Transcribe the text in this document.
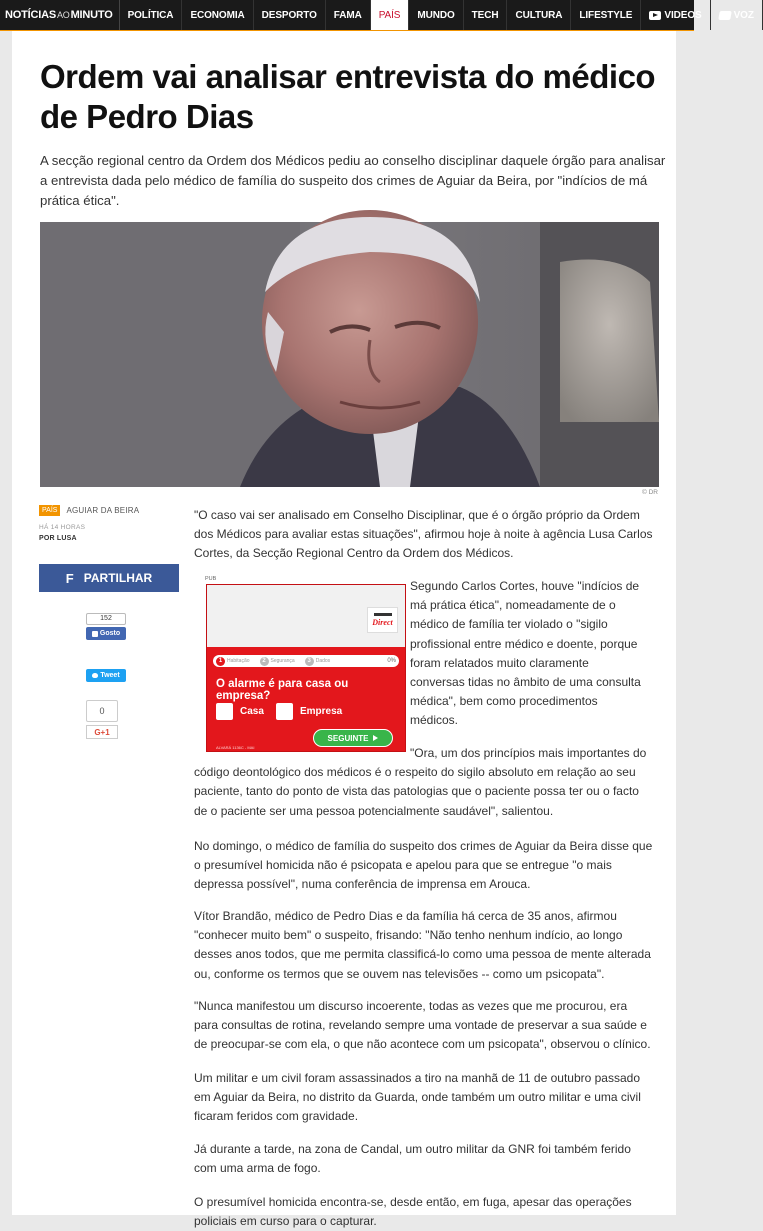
NOTÍCIAS AO MINUTO	POLÍTICA	ECONOMIA	DESPORTO	FAMA	PAÍS	MUNDO	TECH	CULTURA	LIFESTYLE	VIDEOS	VOZ
Ordem vai analisar entrevista do médico de Pedro Dias

A secção regional centro da Ordem dos Médicos pediu ao conselho disciplinar daquele órgão para analisar a entrevista dada pelo médico de família do suspeito dos crimes de Aguiar da Beira, por "indícios de má prática ética".

© DR
PAÍS	AGUIAR DA BEIRA
HÁ 14 HORAS
POR LUSA
F PARTILHAR
152
Gosto
Tweet
0
G+1

"O caso vai ser analisado em Conselho Disciplinar, que é o órgão próprio da Ordem dos Médicos para avaliar estas situações", afirmou hoje à noite à agência Lusa Carlos Cortes, da Secção Regional Centro da Ordem dos Médicos.

PUB
Direct
1 Habitação	2 Segurança	3 Dados	0%
O alarme é para casa ou empresa?
Casa	Empresa
SEGUINTE
ALVARÁ 1136C - MAI

Segundo Carlos Cortes, houve "indícios de má prática ética", nomeadamente de o médico de família ter violado o "sigilo profissional entre médico e doente, porque foram relatados muito claramente conversas tidas no âmbito de uma consulta médica", bem como procedimentos médicos.

"Ora, um dos princípios mais importantes do código deontológico dos médicos é o respeito do sigilo absoluto em relação ao seu paciente, tanto do ponto de vista das patologias que o paciente possa ter ou o facto de o paciente ser uma pessoa potencialmente saudável", salientou.

No domingo, o médico de família do suspeito dos crimes de Aguiar da Beira disse que o presumível homicida não é psicopata e apelou para que se entregue "o mais depressa possível", numa conferência de imprensa em Arouca.

Vítor Brandão, médico de Pedro Dias e da família há cerca de 35 anos, afirmou "conhecer muito bem" o suspeito, frisando: "Não tenho nenhum indício, ao longo desses anos todos, que me permita classificá-lo como uma pessoa de mente alterada ou, conforme os termos que se ouvem nas televisões -- como um psicopata".

"Nunca manifestou um discurso incoerente, todas as vezes que me procurou, era para consultas de rotina, revelando sempre uma vontade de preservar a sua saúde e de preocupar-se com ela, o que não acontece com um psicopata", observou o clínico.

Um militar e um civil foram assassinados a tiro na manhã de 11 de outubro passado em Aguiar da Beira, no distrito da Guarda, onde também um outro militar e uma civil ficaram feridos com gravidade.

Já durante a tarde, na zona de Candal, um outro militar da GNR foi também ferido com uma arma de fogo.

O presumível homicida encontra-se, desde então, em fuga, apesar das operações policiais em curso para o capturar.
